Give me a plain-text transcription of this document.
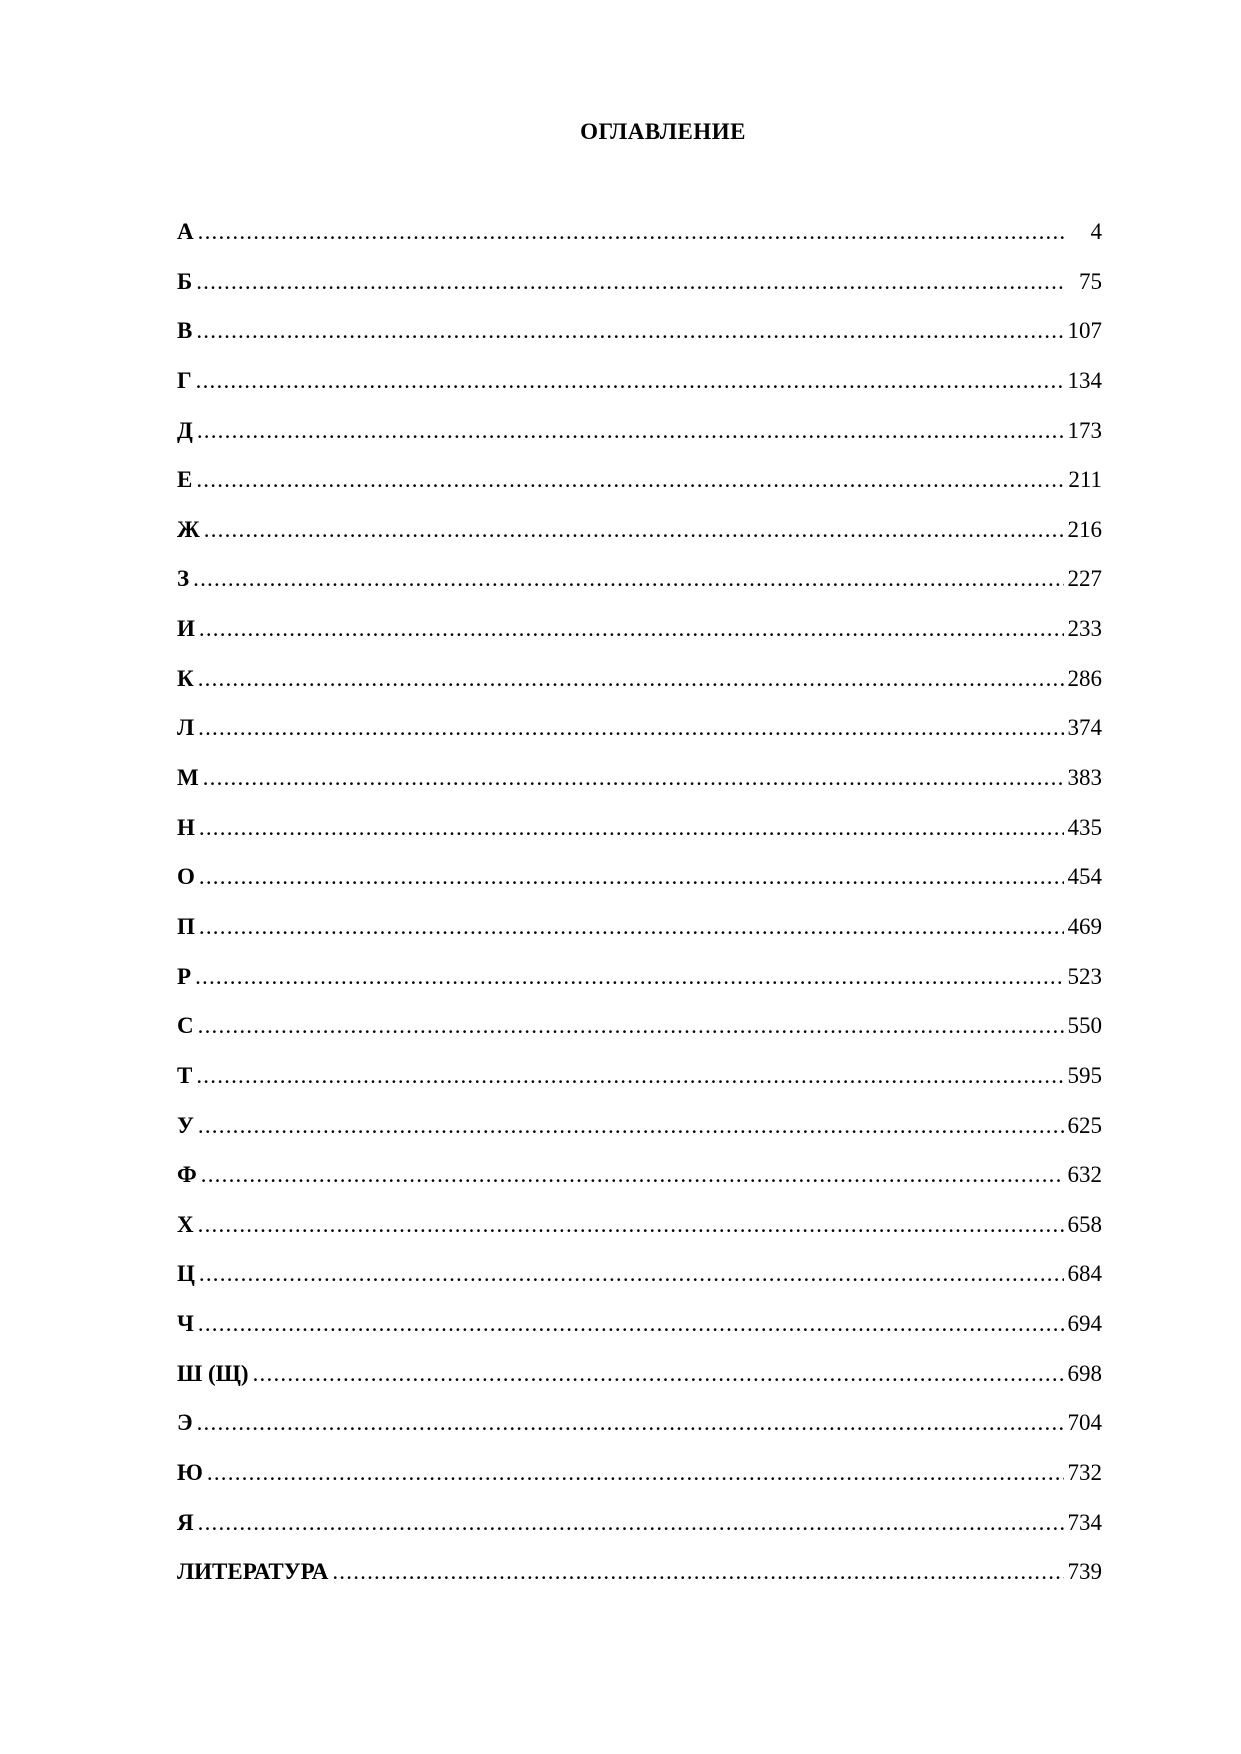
ОГЛАВЛЕНИЕ
А .....	4
Б .....	75
В .....	107
Г .....	134
Д .....	173
Е .....	211
Ж .....	216
З .....	227
И .....	233
К .....	286
Л .....	374
М .....	383
Н .....	435
О .....	454
П .....	469
Р .....	523
С .....	550
Т .....	595
У .....	625
Ф .....	632
Х .....	658
Ц .....	684
Ч .....	694
Ш (Щ) .....	698
Э .....	704
Ю .....	732
Я .....	734
ЛИТЕРАТУРА .....	739
